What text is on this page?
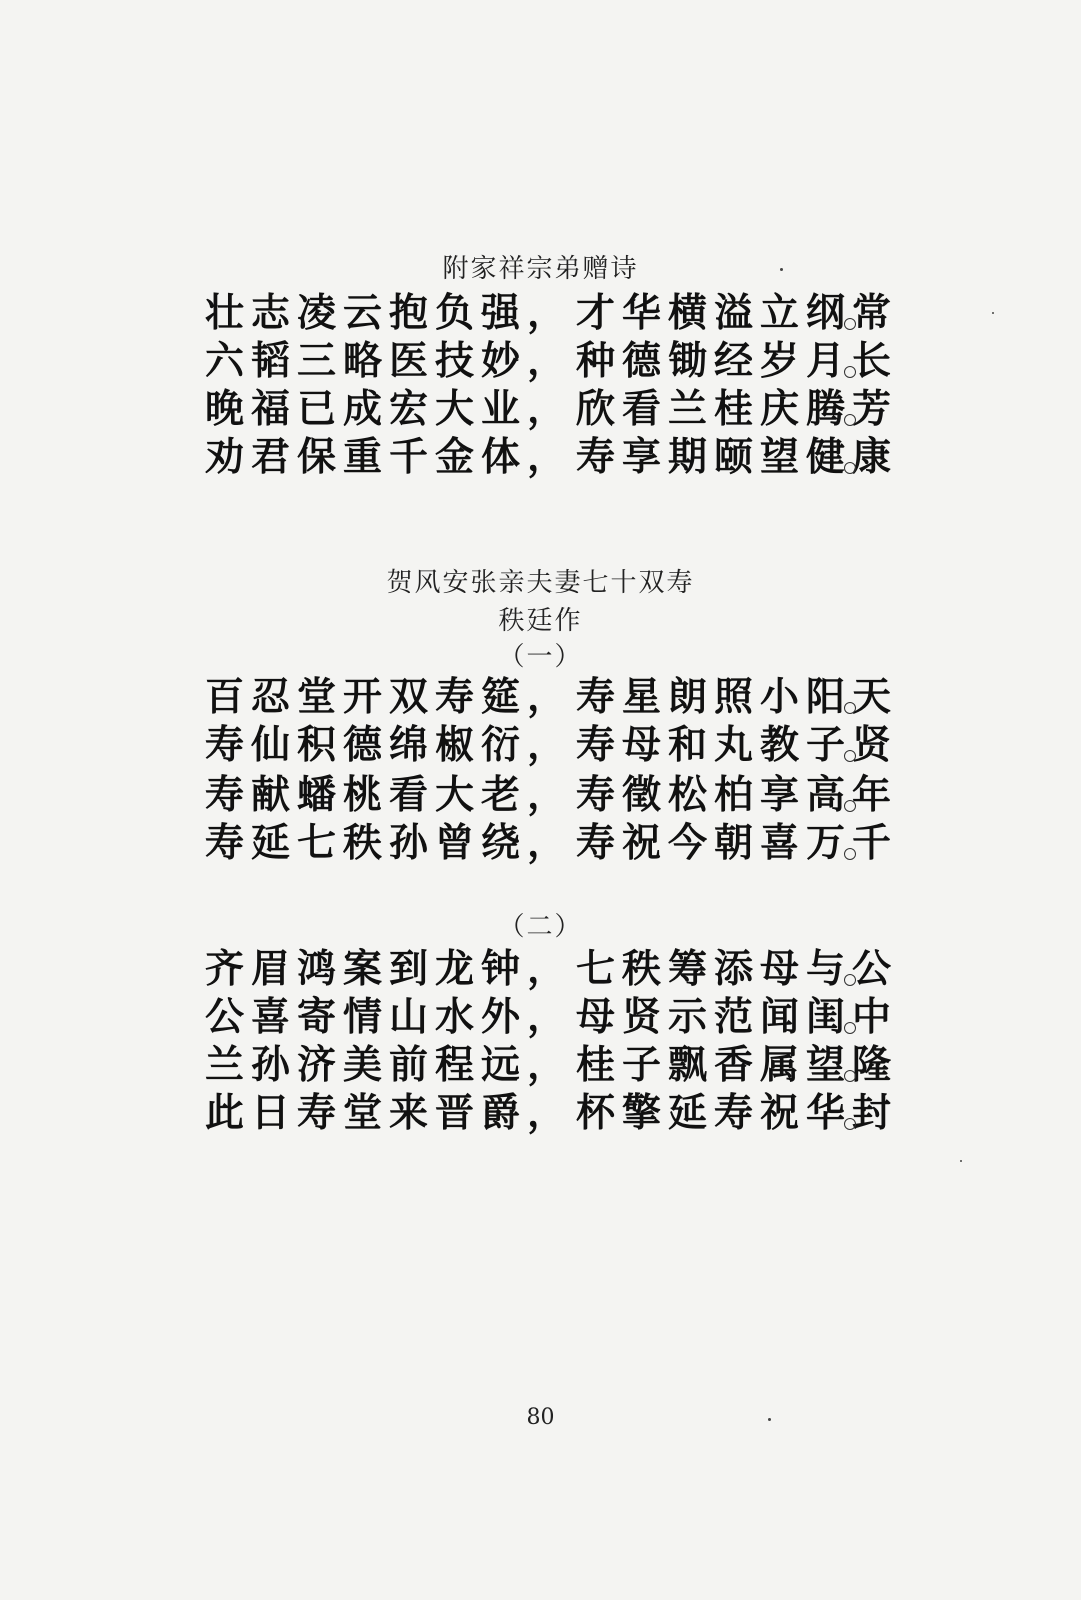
附家祥宗弟赠诗
壮志凌云抱负强，才华横溢立纲常
六韬三略医技妙，种德锄经岁月长
晚福已成宏大业，欣看兰桂庆腾芳
劝君保重千金体，寿享期颐望健康
贺风安张亲夫妻七十双寿
秩廷作
（一）
百忍堂开双寿筵，寿星朗照小阳天
寿仙积德绵椒衍，寿母和丸教子贤
寿献蟠桃看大老，寿徵松柏享高年
寿延七秩孙曾绕，寿祝今朝喜万千
（二）
齐眉鸿案到龙钟，七秩筹添母与公
公喜寄情山水外，母贤示范闻闺中
兰孙济美前程远，桂子飘香属望隆
此日寿堂来晋爵，杯擎延寿祝华封
80
